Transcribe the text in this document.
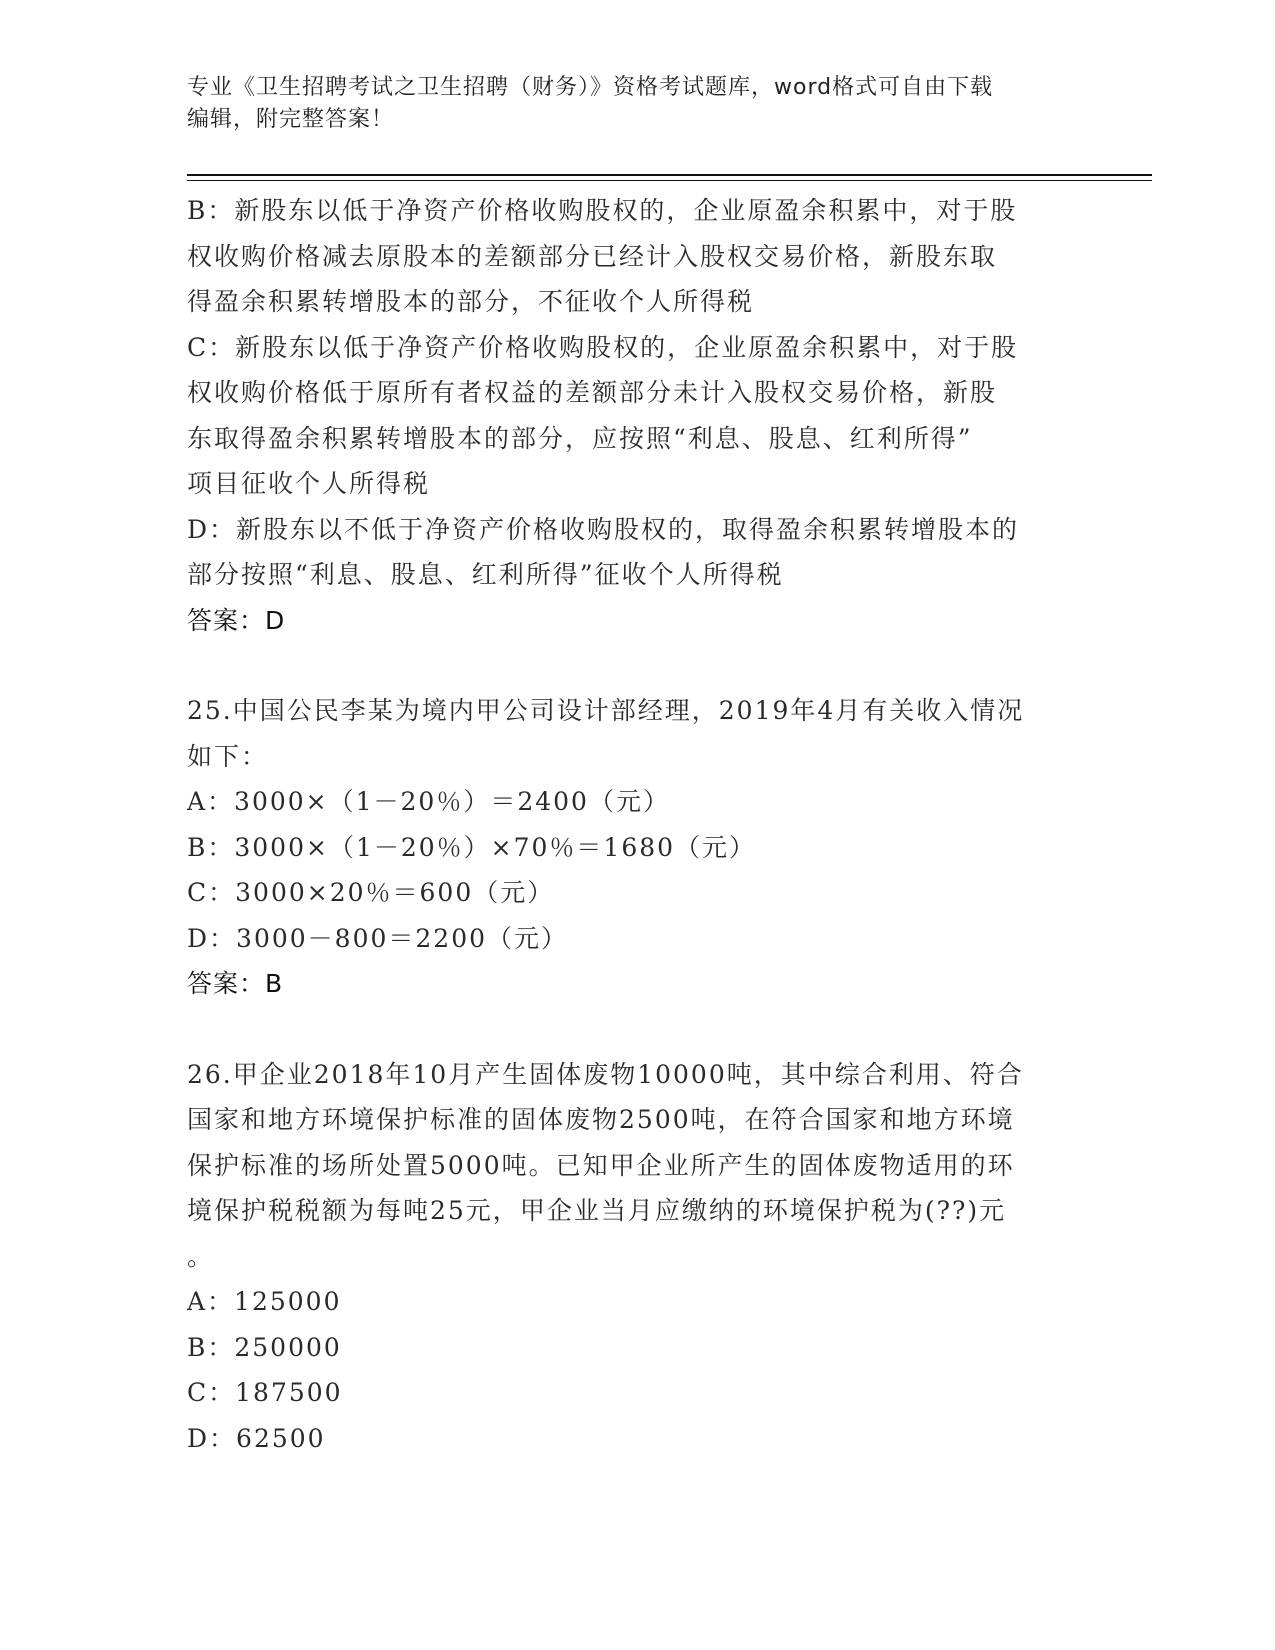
专业《卫生招聘考试之卫生招聘（财务）》资格考试题库，word格式可自由下载
编辑，附完整答案！
B：新股东以低于净资产价格收购股权的，企业原盈余积累中，对于股
权收购价格减去原股本的差额部分已经计入股权交易价格，新股东取
得盈余积累转增股本的部分，不征收个人所得税
C：新股东以低于净资产价格收购股权的，企业原盈余积累中，对于股
权收购价格低于原所有者权益的差额部分未计入股权交易价格，新股
东取得盈余积累转增股本的部分，应按照“利息、股息、红利所得”
项目征收个人所得税
D：新股东以不低于净资产价格收购股权的，取得盈余积累转增股本的
部分按照“利息、股息、红利所得”征收个人所得税
答案：D
25.中国公民李某为境内甲公司设计部经理，2019年4月有关收入情况
如下：
A：3000×（1－20％）＝2400（元）
B：3000×（1－20％）×70％＝1680（元）
C：3000×20％＝600（元）
D：3000－800＝2200（元）
答案：B
26.甲企业2018年10月产生固体废物10000吨，其中综合利用、符合
国家和地方环境保护标准的固体废物2500吨，在符合国家和地方环境
保护标准的场所处置5000吨。已知甲企业所产生的固体废物适用的环
境保护税税额为每吨25元，甲企业当月应缴纳的环境保护税为(??)元
。
A：125000
B：250000
C：187500
D：62500
